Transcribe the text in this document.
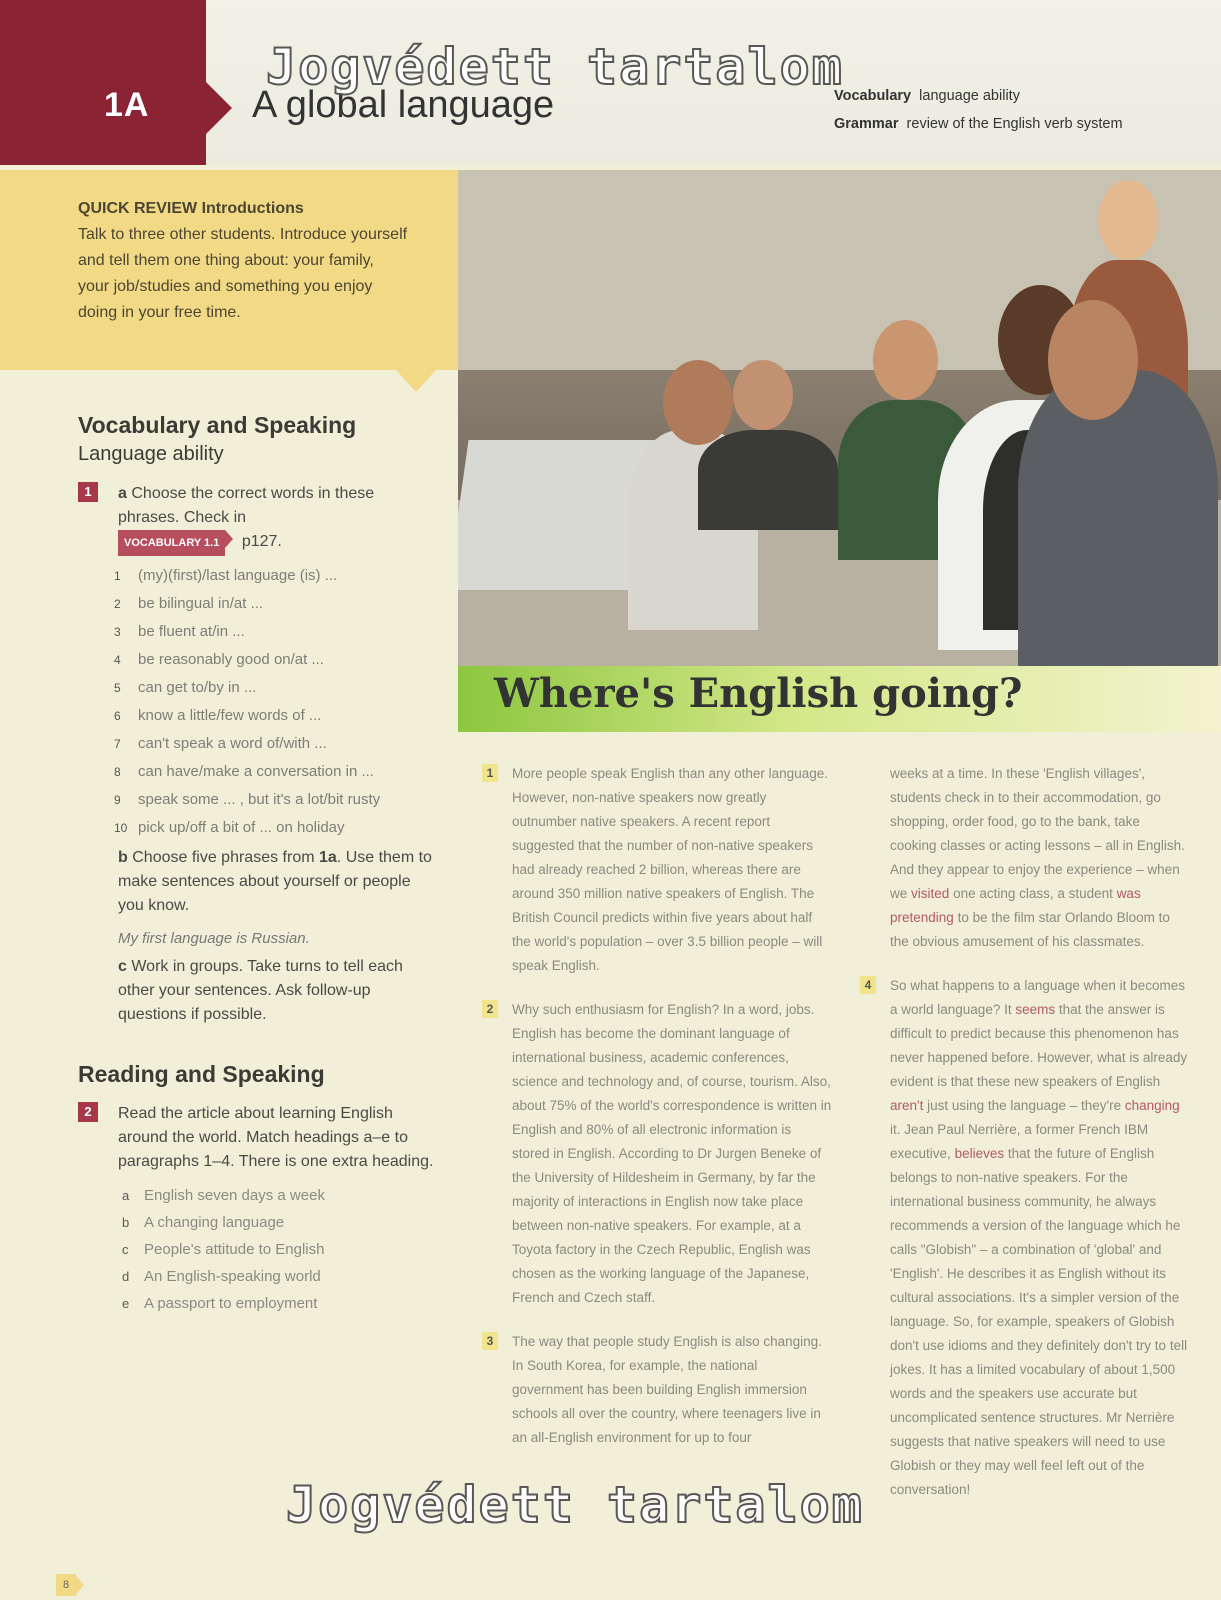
1A	A global language	Vocabulary language ability
Grammar review of the English verb system
Jogvédett tartalom
QUICK REVIEW Introductions
Talk to three other students. Introduce yourself and tell them one thing about: your family, your job/studies and something you enjoy doing in your free time.
Vocabulary and Speaking
Language ability
1	a Choose the correct words in these phrases. Check in
VOCABULARY 1.1 p127.
1 (my)(first)/last language (is) ...
2 be bilingual in/at ...
3 be fluent at/in ...
4 be reasonably good on/at ...
5 can get to/by in ...
6 know a little/few words of ...
7 can't speak a word of/with ...
8 can have/make a conversation in ...
9 speak some ... , but it's a lot/bit rusty
10 pick up/off a bit of ... on holiday
b Choose five phrases from 1a. Use them to make sentences about yourself or people you know.
My first language is Russian.
c Work in groups. Take turns to tell each other your sentences. Ask follow-up questions if possible.
Reading and Speaking
2	Read the article about learning English around the world. Match headings a–e to paragraphs 1–4. There is one extra heading.
a English seven days a week
b A changing language
c People's attitude to English
d An English-speaking world
e A passport to employment
Where's English going?

1	More people speak English than any other language. However, non-native speakers now greatly outnumber native speakers. A recent report suggested that the number of non-native speakers had already reached 2 billion, whereas there are around 350 million native speakers of English. The British Council predicts within five years about half the world's population – over 3.5 billion people – will speak English.

2	Why such enthusiasm for English? In a word, jobs. English has become the dominant language of international business, academic conferences, science and technology and, of course, tourism. Also, about 75% of the world's correspondence is written in English and 80% of all electronic information is stored in English. According to Dr Jurgen Beneke of the University of Hildesheim in Germany, by far the majority of interactions in English now take place between non-native speakers. For example, at a Toyota factory in the Czech Republic, English was chosen as the working language of the Japanese, French and Czech staff.

3	The way that people study English is also changing. In South Korea, for example, the national government has been building English immersion schools all over the country, where teenagers live in an all-English environment for up to four

weeks at a time. In these 'English villages', students check in to their accommodation, go shopping, order food, go to the bank, take cooking classes or acting lessons – all in English. And they appear to enjoy the experience – when we visited one acting class, a student was pretending to be the film star Orlando Bloom to the obvious amusement of his classmates.

4	So what happens to a language when it becomes a world language? It seems that the answer is difficult to predict because this phenomenon has never happened before. However, what is already evident is that these new speakers of English aren't just using the language – they're changing it. Jean Paul Nerrière, a former French IBM executive, believes that the future of English belongs to non-native speakers. For the international business community, he always recommends a version of the language which he calls "Globish" – a combination of 'global' and 'English'. He describes it as English without its cultural associations. It's a simpler version of the language. So, for example, speakers of Globish don't use idioms and they definitely don't try to tell jokes. It has a limited vocabulary of about 1,500 words and the speakers use accurate but uncomplicated sentence structures. Mr Nerrière suggests that native speakers will need to use Globish or they may well feel left out of the conversation!

Jogvédett tartalom
8
